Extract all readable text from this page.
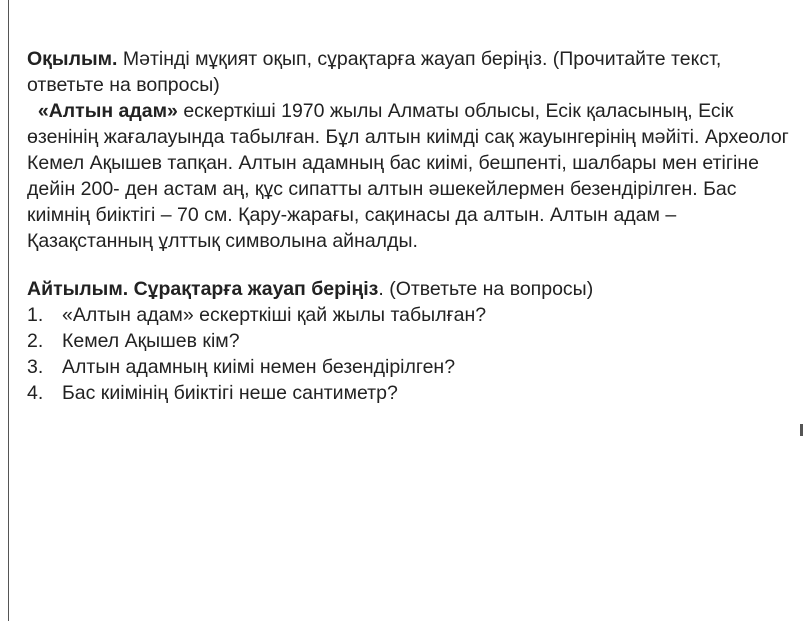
Оқылым. Мәтінді мұқият оқып, сұрақтарға жауап беріңіз. (Прочитайте текст, ответьте на вопросы)

«Алтын адам» ескерткіші 1970 жылы Алматы облысы, Есік қаласының, Есік өзенінің жағалауында табылған. Бұл алтын киімді сақ жауынгерінің мәйіті. Археолог Кемел Ақышев тапқан. Алтын адамның бас киімі, бешпенті, шалбары мен етігіне дейін 200- ден астам аң, құс сипатты алтын әшекейлермен безендірілген. Бас киімнің биіктігі – 70 см. Қару-жарағы, сақинасы да алтын. Алтын адам – Қазақстанның ұлттық символына айналды.

Айтылым. Сұрақтарға жауап беріңіз. (Ответьте на вопросы)

1. «Алтын адам» ескерткіші қай жылы табылған?
2. Кемел Ақышев кім?
3. Алтын адамның киімі немен безендірілген?
4. Бас киімінің биіктігі неше сантиметр?
